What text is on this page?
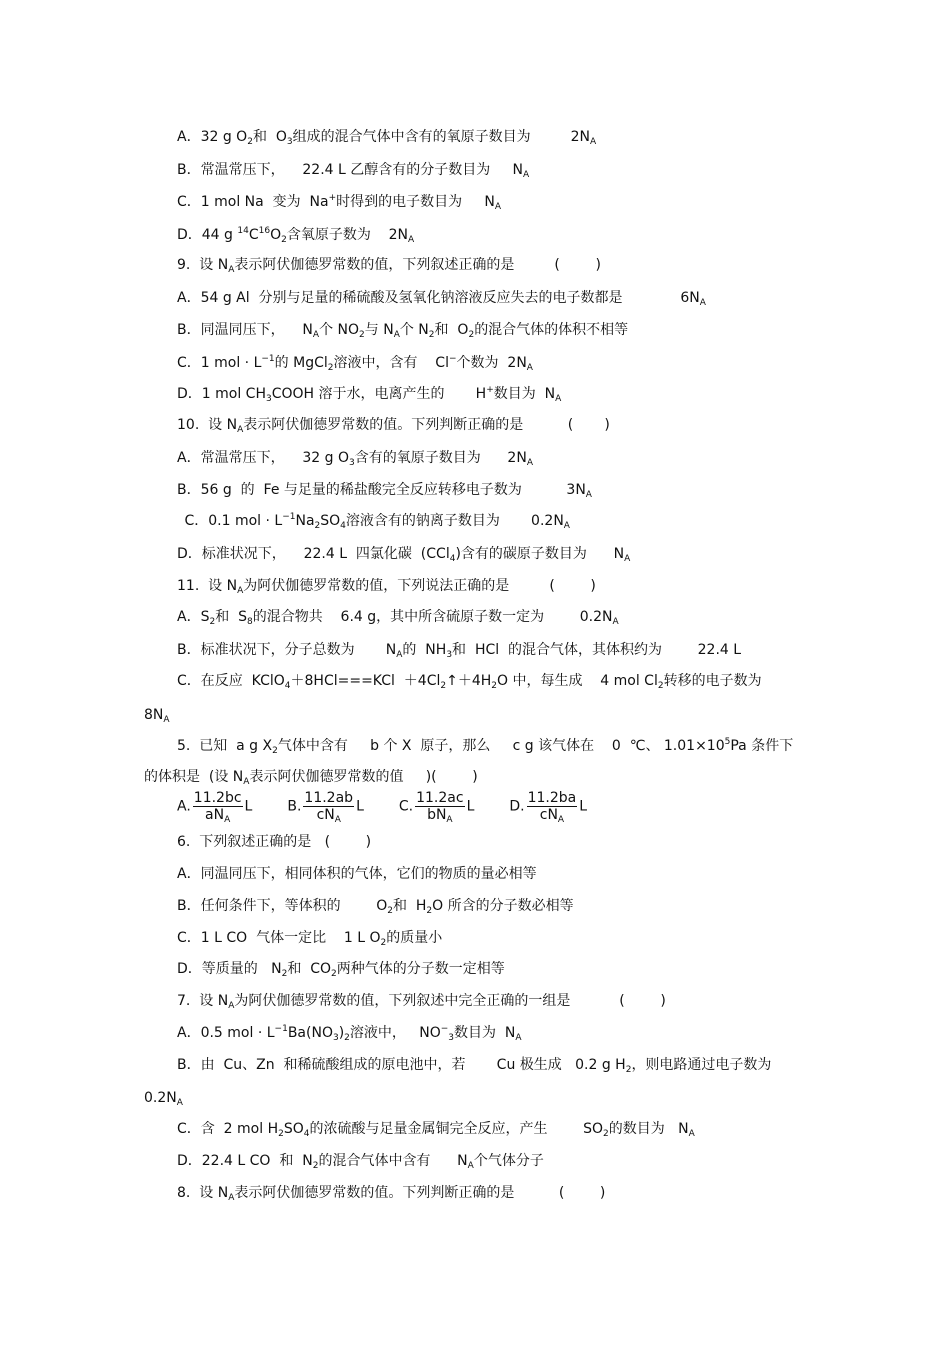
A．32 g $O_2$和  $O_3$组成的混合气体中含有的氧原子数目为         $2N_A$
B．常温常压下，    22.4 L 乙醇含有的分子数目为     $N_A$
C．1 mol Na  变为  Na+时得到的电子数目为     $N_A$
D．44 g $^{14}C^{16}O_2$含氧原子数为    $2N_A$
9.  设 $N_A$表示阿伏伽德罗常数的值，下列叙述正确的是         (        )
A．54 g Al  分别与足量的稀硫酸及氢氧化钠溶液反应失去的电子数都是             $6N_A$
B．同温同压下，    $N_A$个 $NO_2$与 $N_A$个 $N_2$和  $O_2$的混合气体的体积不相等
C．1 mol · $L^{-1}$的 MgCl$_2$溶液中，含有    Cl−个数为  $2N_A$
D．1 mol $CH_3COOH$ 溶于水，电离产生的       H+数目为  $N_A$
10.  设 $N_A$表示阿伏伽德罗常数的值。下列判断正确的是          (       )
A．常温常压下，    32 g $O_3$含有的氧原子数目为      $2N_A$
B．56 g  的  Fe 与足量的稀盐酸完全反应转移电子数为          $3N_A$
C．0.1 mol · $L^{-1}Na_2SO_4$溶液含有的钠离子数目为       $0.2N_A$
D．标准状况下，    22.4 L  四氯化碳  (CCl$_4$)含有的碳原子数目为      $N_A$
11.  设 $N_A$为阿伏伽德罗常数的值，下列说法正确的是         (        )
A．$S_2$和  $S_8$的混合物共    6.4 g，其中所含硫原子数一定为        $0.2N_A$
B．标准状况下，分子总数为       $N_A$的  $NH_3$和  HCl  的混合气体，其体积约为        22.4 L
C．在反应  KClO$_4$＋8HCl===KCl  $+4Cl_2↑+4H_2O$ 中，每生成    4 mol $Cl_2$转移的电子数为
$8N_A$
5.  已知  a g $X_2$气体中含有     b 个 X  原子，那么     c g 该气体在    0  ℃、 $1.01\times 10^5Pa$ 条件下
的体积是  (设 $N_A$表示阿伏伽德罗常数的值     )(        )
A. $\frac{11.2bc}{aN_A}$ L	B. $\frac{11.2ab}{cN_A}$ L	C. $\frac{11.2ac}{bN_A}$ L	D. $\frac{11.2ba}{cN_A}$ L
6.  下列叙述正确的是   (        )
A．同温同压下，相同体积的气体，它们的物质的量必相等
B．任何条件下，等体积的        $O_2$和  $H_2O$ 所含的分子数必相等
C．1 L CO  气体一定比    1 L $O_2$的质量小
D．等质量的   $N_2$和  $CO_2$两种气体的分子数一定相等
7.  设 $N_A$为阿伏伽德罗常数的值，下列叙述中完全正确的一组是           (        )
A．0.5 mol · $L^{-1}Ba(NO_3)_2$溶液中，   $NO^-_3$数目为  $N_A$
B．由  Cu、Zn  和稀硫酸组成的原电池中，若       Cu 极生成   0.2 g $H_2$，则电路通过电子数为
$0.2N_A$
C．含  2 mol $H_2SO_4$的浓硫酸与足量金属铜完全反应，产生        $SO_2$的数目为   $N_A$
D．22.4 L CO  和  $N_2$的混合气体中含有      $N_A$个气体分子
8.  设 $N_A$表示阿伏伽德罗常数的值。下列判断正确的是          (        )
